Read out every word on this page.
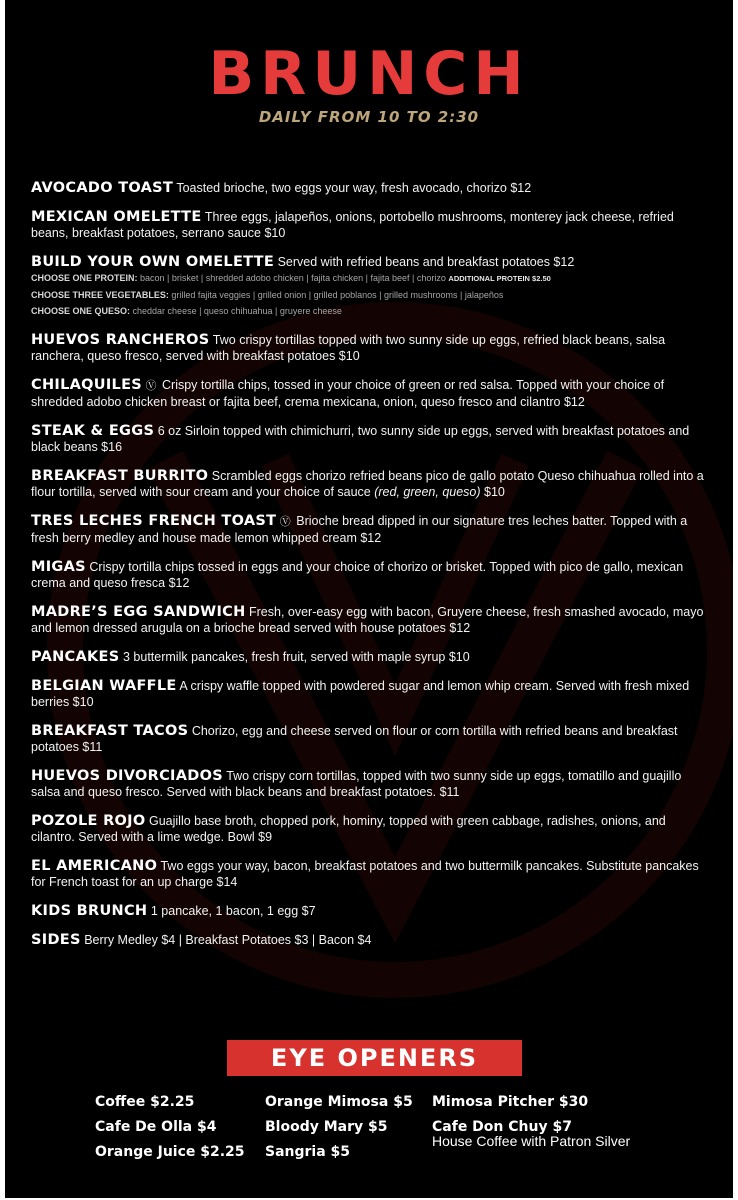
BRUNCH
DAILY FROM 10 TO 2:30
AVOCADO TOAST Toasted brioche, two eggs your way, fresh avocado, chorizo $12
MEXICAN OMELETTE Three eggs, jalapeños, onions, portobello mushrooms, monterey jack cheese, refried beans, breakfast potatoes, serrano sauce $10
BUILD YOUR OWN OMELETTE Served with refried beans and breakfast potatoes $12
CHOOSE ONE PROTEIN: bacon | brisket | shredded adobo chicken | fajita chicken | fajita beef | chorizo ADDITIONAL PROTEIN $2.50
CHOOSE THREE VEGETABLES: grilled fajita veggies | grilled onion | grilled poblanos | grilled mushrooms | jalapeños
CHOOSE ONE QUESO: cheddar cheese | queso chihuahua | gruyere cheese
HUEVOS RANCHEROS Two crispy tortillas topped with two sunny side up eggs, refried black beans, salsa ranchera, queso fresco, served with breakfast potatoes $10
CHILAQUILES Ⓥ Crispy tortilla chips, tossed in your choice of green or red salsa. Topped with your choice of shredded adobo chicken breast or fajita beef, crema mexicana, onion, queso fresco and cilantro $12
STEAK & EGGS 6 oz Sirloin topped with chimichurri, two sunny side up eggs, served with breakfast potatoes and black beans $16
BREAKFAST BURRITO Scrambled eggs chorizo refried beans pico de gallo potato Queso chihuahua rolled into a flour tortilla, served with sour cream and your choice of sauce (red, green, queso) $10
TRES LECHES FRENCH TOAST Ⓥ Brioche bread dipped in our signature tres leches batter. Topped with a fresh berry medley and house made lemon whipped cream $12
MIGAS Crispy tortilla chips tossed in eggs and your choice of chorizo or brisket. Topped with pico de gallo, mexican crema and queso fresca $12
MADRE’S EGG SANDWICH Fresh, over-easy egg with bacon, Gruyere cheese, fresh smashed avocado, mayo and lemon dressed arugula on a brioche bread served with house potatoes $12
PANCAKES 3 buttermilk pancakes, fresh fruit, served with maple syrup $10
BELGIAN WAFFLE A crispy waffle topped with powdered sugar and lemon whip cream. Served with fresh mixed berries $10
BREAKFAST TACOS Chorizo, egg and cheese served on flour or corn tortilla with refried beans and breakfast potatoes $11
HUEVOS DIVORCIADOS Two crispy corn tortillas, topped with two sunny side up eggs, tomatillo and guajillo salsa and queso fresco. Served with black beans and breakfast potatoes. $11
POZOLE ROJO Guajillo base broth, chopped pork, hominy, topped with green cabbage, radishes, onions, and cilantro. Served with a lime wedge. Bowl $9
EL AMERICANO Two eggs your way, bacon, breakfast potatoes and two buttermilk pancakes. Substitute pancakes for French toast for an up charge $14
KIDS BRUNCH 1 pancake, 1 bacon, 1 egg $7
SIDES Berry Medley $4 | Breakfast Potatoes $3 | Bacon $4
EYE OPENERS
Coffee $2.25
Cafe De Olla $4
Orange Juice $2.25
Orange Mimosa $5
Bloody Mary $5
Sangria $5
Mimosa Pitcher $30
Cafe Don Chuy $7
House Coffee with Patron Silver
